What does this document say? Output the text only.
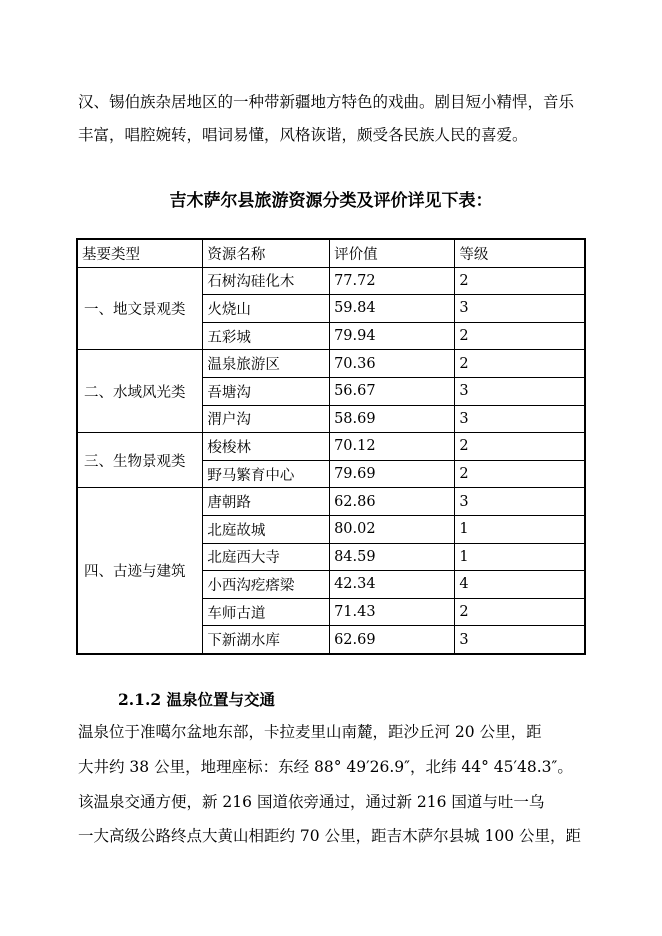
汉、锡伯族杂居地区的一种带新疆地方特色的戏曲。剧目短小精悍，音乐
丰富，唱腔婉转，唱词易懂，风格诙谐，颇受各民族人民的喜爱。
吉木萨尔县旅游资源分类及评价详见下表：
基要类型	资源名称	评价值	等级
一、地文景观类	石树沟硅化木	77.72	2
	火烧山	59.84	3
	五彩城	79.94	2
二、水域风光类	温泉旅游区	70.36	2
	吾塘沟	56.67	3
	渭户沟	58.69	3
三、生物景观类	梭梭林	70.12	2
	野马繁育中心	79.69	2
四、古迹与建筑	唐朝路	62.86	3
	北庭故城	80.02	1
	北庭西大寺	84.59	1
	小西沟疙瘩梁	42.34	4
	车师古道	71.43	2
	下新湖水库	62.69	3
2.1.2 温泉位置与交通
温泉位于准噶尔盆地东部，卡拉麦里山南麓，距沙丘河 20 公里，距
大井约 38 公里，地理座标：东经 88° 49′26.9″，北纬 44° 45′48.3″。
该温泉交通方便，新 216 国道依旁通过，通过新 216 国道与吐一乌
一大高级公路终点大黄山相距约 70 公里，距吉木萨尔县城 100 公里，距
